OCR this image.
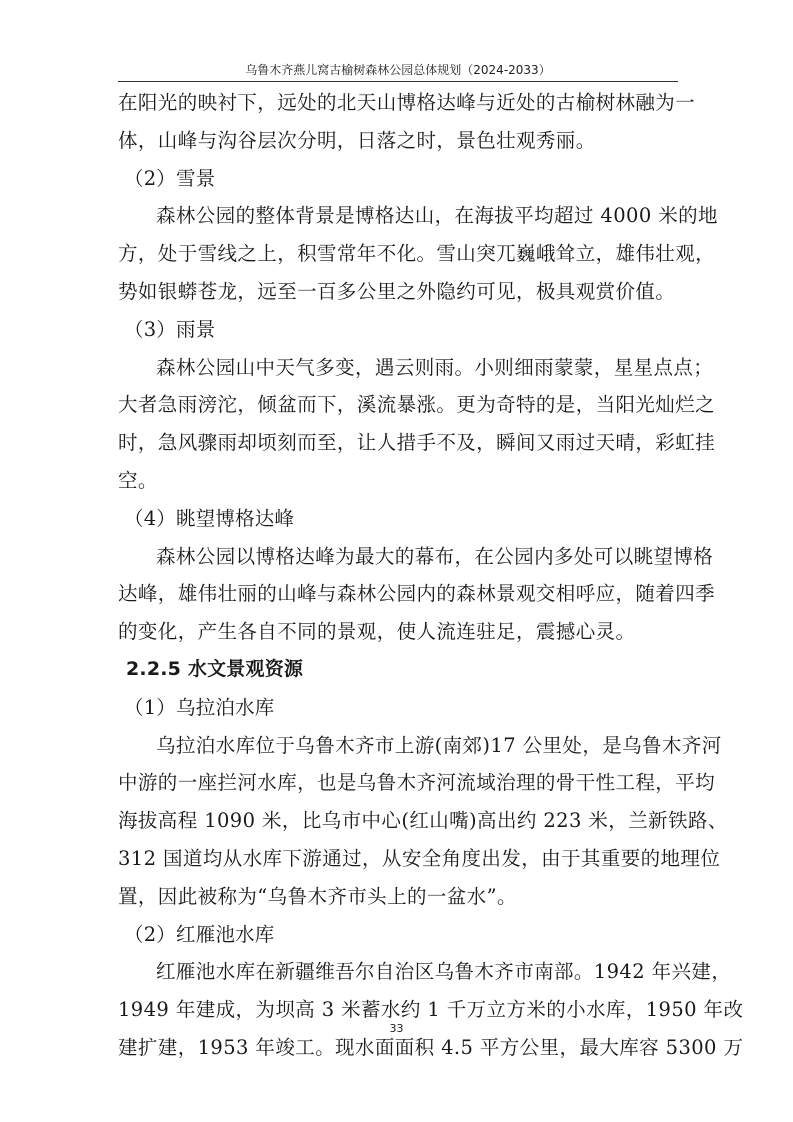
乌鲁木齐燕儿窝古榆树森林公园总体规划（2024-2033）
在阳光的映衬下，远处的北天山博格达峰与近处的古榆树林融为一
体，山峰与沟谷层次分明，日落之时，景色壮观秀丽。
（2）雪景
森林公园的整体背景是博格达山，在海拔平均超过 4000 米的地
方，处于雪线之上，积雪常年不化。雪山突兀巍峨耸立，雄伟壮观，
势如银蟒苍龙，远至一百多公里之外隐约可见，极具观赏价值。
（3）雨景
森林公园山中天气多变，遇云则雨。小则细雨蒙蒙，星星点点；
大者急雨滂沱，倾盆而下，溪流暴涨。更为奇特的是，当阳光灿烂之
时，急风骤雨却顷刻而至，让人措手不及，瞬间又雨过天晴，彩虹挂
空。
（4）眺望博格达峰
森林公园以博格达峰为最大的幕布，在公园内多处可以眺望博格
达峰，雄伟壮丽的山峰与森林公园内的森林景观交相呼应，随着四季
的变化，产生各自不同的景观，使人流连驻足，震撼心灵。
2.2.5 水文景观资源
（1）乌拉泊水库
乌拉泊水库位于乌鲁木齐市上游(南郊)17 公里处，是乌鲁木齐河
中游的一座拦河水库，也是乌鲁木齐河流域治理的骨干性工程，平均
海拔高程 1090 米，比乌市中心(红山嘴)高出约 223 米，兰新铁路、
312 国道均从水库下游通过，从安全角度出发，由于其重要的地理位
置，因此被称为“乌鲁木齐市头上的一盆水”。
（2）红雁池水库
红雁池水库在新疆维吾尔自治区乌鲁木齐市南部。1942 年兴建，
1949 年建成，为坝高 3 米蓄水约 1 千万立方米的小水库，1950 年改
建扩建，1953 年竣工。现水面面积 4.5 平方公里，最大库容 5300 万
33
